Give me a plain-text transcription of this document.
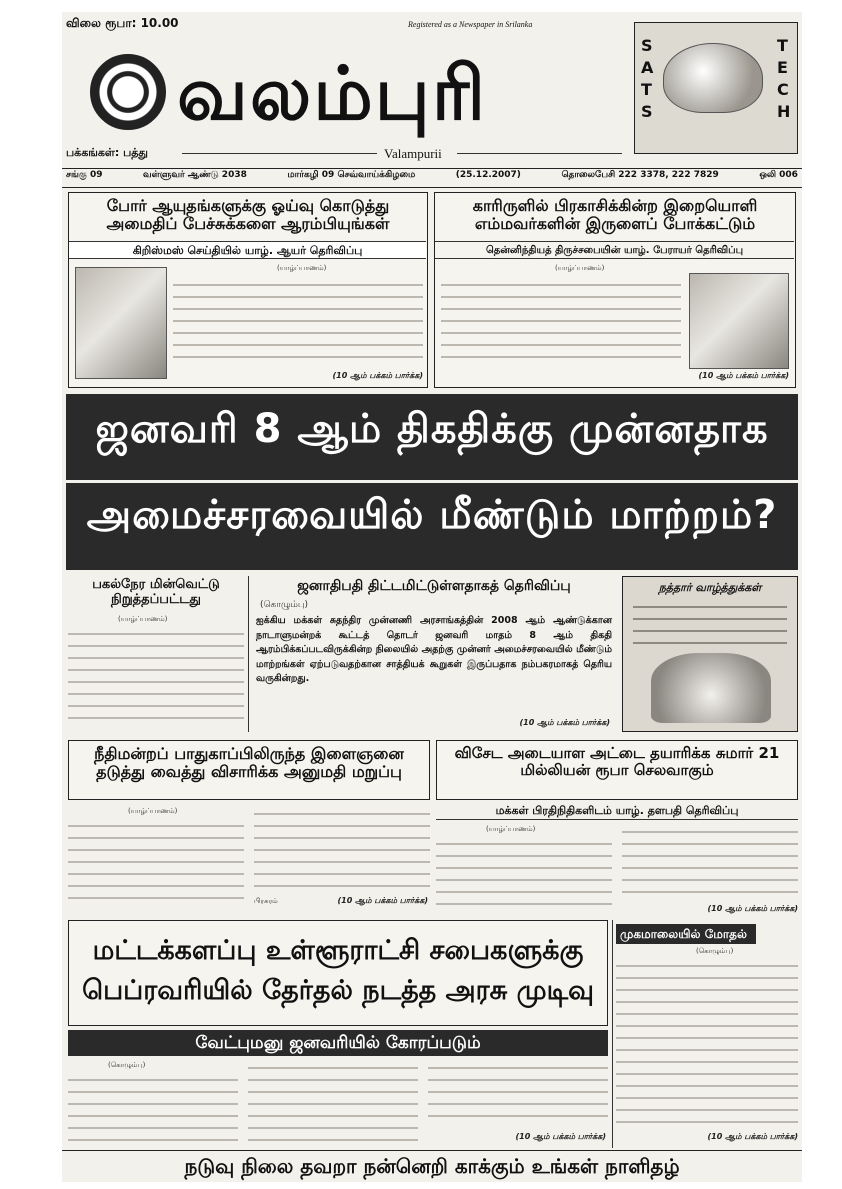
விலை ரூபா: 10.00	Registered as a Newspaper in Srilanka
வலம்புரி
Valampurii
பக்கங்கள்: பத்து
SATS
TECH
சங்கு 09	வள்ளுவர் ஆண்டு 2038	மார்கழி 09 செவ்வாய்க்கிழமை	(25.12.2007)	தொலைபேசி 222 3378, 222 7829	ஒலி 006
போர் ஆயுதங்களுக்கு ஓய்வு கொடுத்து அமைதிப் பேச்சுக்களை ஆரம்பியுங்கள்
கிறிஸ்மஸ் செய்தியில் யாழ். ஆயர் தெரிவிப்பு
(யாழ்ப்பாணம்)
(10 ஆம் பக்கம் பார்க்க)
காரிருளில் பிரகாசிக்கின்ற இறையொளி எம்மவர்களின் இருளைப் போக்கட்டும்
தென்னிந்தியத் திருச்சபையின் யாழ். பேராயர் தெரிவிப்பு
(யாழ்ப்பாணம்)
(10 ஆம் பக்கம் பார்க்க)
ஜனவரி 8 ஆம் திகதிக்கு முன்னதாக
அமைச்சரவையில் மீண்டும் மாற்றம்?
பகல்நேர மின்வெட்டு நிறுத்தப்பட்டது
(யாழ்ப்பாணம்)
ஜனாதிபதி திட்டமிட்டுள்ளதாகத் தெரிவிப்பு
(கொழும்பு)
ஐக்கிய மக்கள் சுதந்திர முன்னணி அரசாங்கத்தின் 2008 ஆம் ஆண்டுக்கான நாடாளுமன்றக் கூட்டத் தொடர் ஜனவரி மாதம் 8 ஆம் திகதி ஆரம்பிக்கப்படவிருக்கின்ற நிலையில் அதற்கு முன்னர் அமைச்சரவையில் மீண்டும் மாற்றங்கள் ஏற்படுவதற்கான சாத்தியக் கூறுகள் இருப்பதாக நம்பகரமாகத் தெரிய வருகின்றது.
(10 ஆம் பக்கம் பார்க்க)
நத்தார் வாழ்த்துக்கள்
நீதிமன்றப் பாதுகாப்பிலிருந்த இளைஞனை தடுத்து வைத்து விசாரிக்க அனுமதி மறுப்பு
(யாழ்ப்பாணம்)
பிரசுரம்	(10 ஆம் பக்கம் பார்க்க)
விசேட அடையாள அட்டை தயாரிக்க சுமார் 21 மில்லியன் ரூபா செலவாகும்
மக்கள் பிரதிநிதிகளிடம் யாழ். தளபதி தெரிவிப்பு
(யாழ்ப்பாணம்)
(10 ஆம் பக்கம் பார்க்க)
மட்டக்களப்பு உள்ளூராட்சி சபைகளுக்கு பெப்ரவரியில் தேர்தல் நடத்த அரசு முடிவு
வேட்புமனு ஜனவரியில் கோரப்படும்
(கொழும்பு)
(10 ஆம் பக்கம் பார்க்க)
முகமாலையில் மோதல்
(கொழும்பு)
(10 ஆம் பக்கம் பார்க்க)
நடுவு நிலை தவறா நன்னெறி காக்கும் உங்கள் நாளிதழ்
